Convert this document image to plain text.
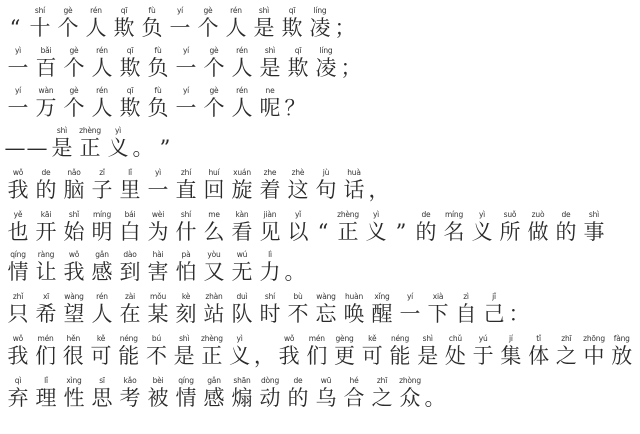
“
shí
十
gè
个
rén
人
qī
欺
fù
负
yí
一
gè
个
rén
人
shì
是
qī
欺
líng
凌 ；
yì
一
bǎi
百
gè
个
rén
人
qī
欺
fù
负
yí
一
gè
个
rén
人
shì
是
qī
欺
líng
凌 ；
yí
一
wàn
万
gè
个
rén
人
qī
欺
fù
负
yí
一
gè
个
rén
人
ne
呢 ？
— —
shì
是
zhèng
正
yì
义 。 ”
wǒ
我
de
的
nǎo
脑
zǐ
子
lǐ
里
yì
一
zhí
直
huí
回
xuán
旋
zhe
着
zhè
这
jù
句
huà
话 ，
yě
也
kāi
开
shǐ
始
míng
明
bái
白
wèi
为
shí
什
me
么
kàn
看
jiàn
见
yǐ
以 “
zhèng
正
yì
义 ”
de
的
míng
名
yì
义
suǒ
所
zuò
做
de
的
shì
事
qíng
情
ràng
让
wǒ
我
gǎn
感
dào
到
hài
害
pà
怕
yòu
又
wú
无
lì
力 。
zhǐ
只
xī
希
wàng
望
rén
人
zài
在
mǒu
某
kè
刻
zhàn
站
duì
队
shí
时
bù
不
wàng
忘
huàn
唤
xǐng
醒
yí
一
xià
下
zì
自
jǐ
己 ：
wǒ
我
mén
们
hěn
很
kě
可
néng
能
bú
不
shì
是
zhèng
正
yì
义 ，
wǒ
我
mén
们
gèng
更
kě
可
néng
能
shì
是
chǔ
处
yú
于
jí
集
tǐ
体
zhī
之
zhōng
中
fàng
放
qì
弃
lǐ
理
xìng
性
sī
思
kǎo
考
bèi
被
qíng
情
gǎn
感
shān
煽
dòng
动
de
的
wū
乌
hé
合
zhī
之
zhòng
众 。
